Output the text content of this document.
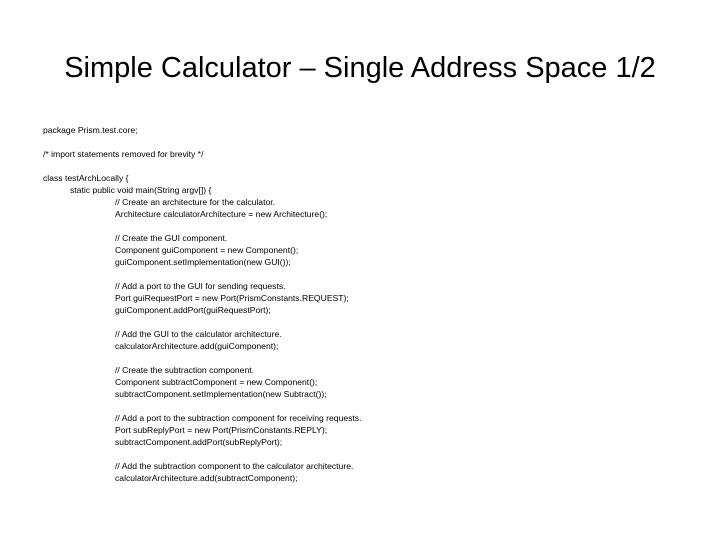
Simple Calculator – Single Address Space 1/2
package Prism.test.core;
/* import statements removed for brevity */
class testArchLocally {
static public void main(String argv[]) {
// Create an architecture for the calculator.
Architecture calculatorArchitecture = new Architecture();
// Create the GUI component.
Component guiComponent = new Component();
guiComponent.setImplementation(new GUI());
// Add a port to the GUI for sending requests.
Port guiRequestPort = new Port(PrismConstants.REQUEST);
guiComponent.addPort(guiRequestPort);
// Add the GUI to the calculator architecture.
calculatorArchitecture.add(guiComponent);
// Create the subtraction component.
Component subtractComponent = new Component();
subtractComponent.setImplementation(new Subtract());
// Add a port to the subtraction component for receiving requests.
Port subReplyPort = new Port(PrismConstants.REPLY);
subtractComponent.addPort(subReplyPort);
// Add the subtraction component to the calculator architecture.
calculatorArchitecture.add(subtractComponent);
